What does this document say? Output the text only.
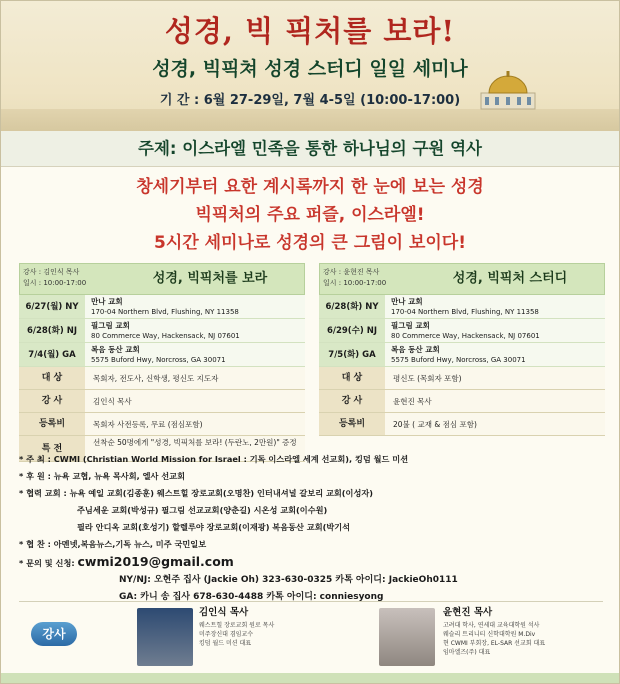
성경, 빅 픽처를 보라!
성경, 빅픽쳐 성경 스터디 일일 세미나
기 간 : 6월 27-29일, 7월 4-5일 (10:00-17:00)
주제: 이스라엘 민족을 통한 하나님의 구원 역사
창세기부터 요한 계시록까지 한 눈에 보는 성경
빅픽처의 주요 퍼즐, 이스라엘!
5시간 세미나로 성경의 큰 그림이 보이다!
강사 : 김인식 목사
일시 : 10:00-17:00	성경, 빅픽처를 보라
6/27(월) NY
만나 교회
170-04 Northern Blvd, Flushing, NY 11358
6/28(화) NJ
필그림 교회
80 Commerce Way, Hackensack, NJ 07601
7/4(월) GA
복음 동산 교회
5575 Buford Hwy, Norcross, GA 30071
대 상	목회자, 전도사, 신학생, 평신도 지도자
강 사	김인식 목사
등록비	목회자 사전등록, 무료 (점심포함)
특 전
선착순 50명에게 "성경, 빅픽처를 보라! (두란노, 2만원)" 증정
강사 : 윤현진 목사
일시 : 10:00-17:00	성경, 빅픽처 스터디
6/28(화) NY
만나 교회
170-04 Northern Blvd, Flushing, NY 11358
6/29(수) NJ
필그림 교회
80 Commerce Way, Hackensack, NJ 07601
7/5(화) GA
복음 동산 교회
5575 Buford Hwy, Norcross, GA 30071
대 상	평신도 (목회자 포함)
강 사	윤현진 목사
등록비	20불 ( 교재 & 점심 포함)
* 주 최 : CWMI (Christian World Mission for Israel : 기독 이스라엘 세계 선교회), 킹덤 월드 미션
* 후 원 : 뉴욕 교협, 뉴욕 목사회, 엘사 선교회
* 협력 교회 : 뉴욕 예일 교회(김종훈) 웨스트힐 장로교회(오명찬) 인터내셔널 갈보리 교회(이성자)
주님세운 교회(박성규) 필그림 선교교회(양춘길) 시온성 교회(이수원)
필라 안디옥 교회(호성기) 할렐루야 장로교회(이재광) 복음동산 교회(박기석
* 협 찬 : 아멘넷,복음뉴스,기독 뉴스, 미주 국민일보
* 문의 및 신청: cwmi2019@gmail.com
NY/NJ: 오현주 집사 (Jackie Oh) 323-630-0325 카톡 아이디: JackieOh0111
GA: 카니 송 집사 678-630-4488 카톡 아이디: conniesyong
강사
김인식 목사
웨스트힐 장로교회 원로 목사
미주장신대 겸임교수
킹덤 월드 미션 대표
윤현진 목사
고려대 학사, 연세대 교육대학원 석사
웨슬리 트리니티 신학대학원 M.Div
현 CWMI 부회장, EL-SAR 선교회 대표
임마엘즈(주) 대표
